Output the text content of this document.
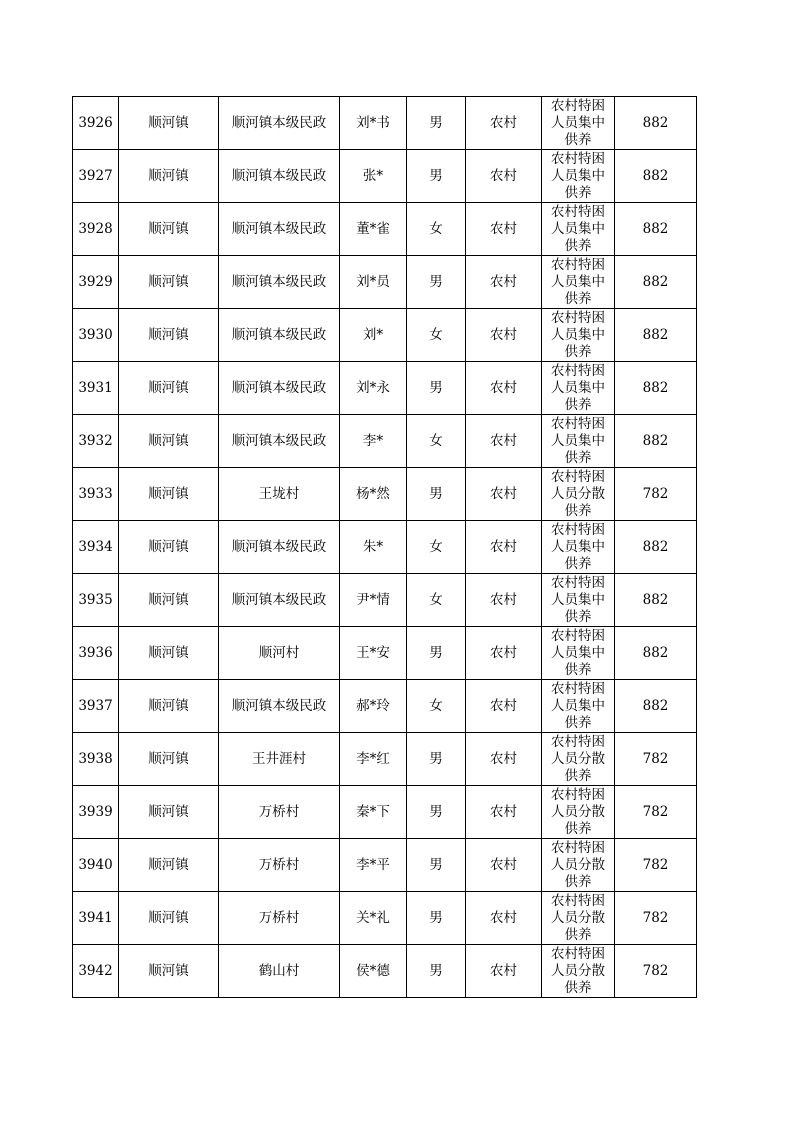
3926	顺河镇	顺河镇本级民政	刘*书	男	农村	农村特困
人员集中
供养	882
3927	顺河镇	顺河镇本级民政	张*	男	农村	农村特困
人员集中
供养	882
3928	顺河镇	顺河镇本级民政	董*雀	女	农村	农村特困
人员集中
供养	882
3929	顺河镇	顺河镇本级民政	刘*员	男	农村	农村特困
人员集中
供养	882
3930	顺河镇	顺河镇本级民政	刘*	女	农村	农村特困
人员集中
供养	882
3931	顺河镇	顺河镇本级民政	刘*永	男	农村	农村特困
人员集中
供养	882
3932	顺河镇	顺河镇本级民政	李*	女	农村	农村特困
人员集中
供养	882
3933	顺河镇	王垅村	杨*然	男	农村	农村特困
人员分散
供养	782
3934	顺河镇	顺河镇本级民政	朱*	女	农村	农村特困
人员集中
供养	882
3935	顺河镇	顺河镇本级民政	尹*情	女	农村	农村特困
人员集中
供养	882
3936	顺河镇	顺河村	王*安	男	农村	农村特困
人员集中
供养	882
3937	顺河镇	顺河镇本级民政	郝*玲	女	农村	农村特困
人员集中
供养	882
3938	顺河镇	王井涯村	李*红	男	农村	农村特困
人员分散
供养	782
3939	顺河镇	万桥村	秦*下	男	农村	农村特困
人员分散
供养	782
3940	顺河镇	万桥村	李*平	男	农村	农村特困
人员分散
供养	782
3941	顺河镇	万桥村	关*礼	男	农村	农村特困
人员分散
供养	782
3942	顺河镇	鹤山村	侯*德	男	农村	农村特困
人员分散
供养	782
